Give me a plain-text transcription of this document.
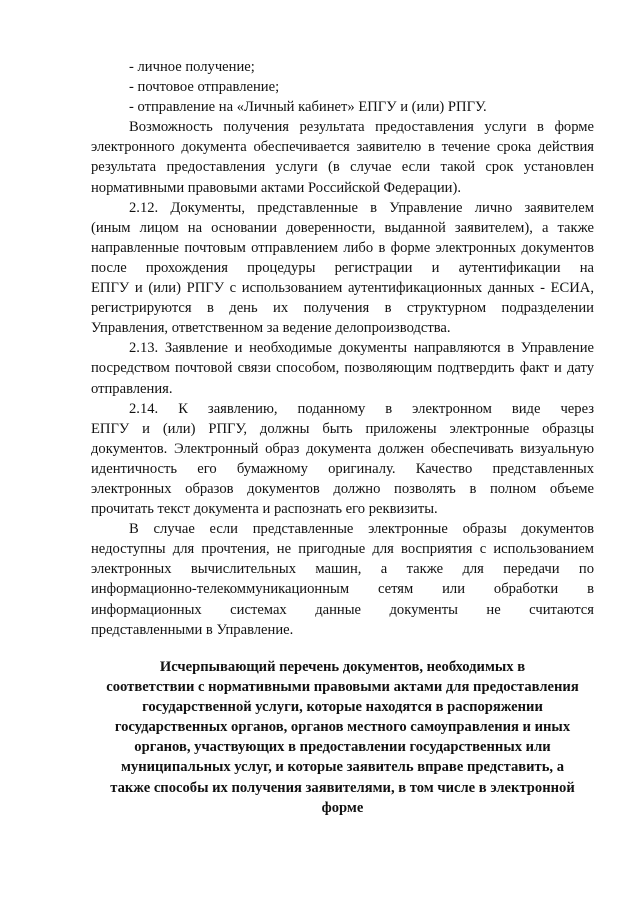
- личное получение;
- почтовое отправление;
- отправление на «Личный кабинет» ЕПГУ и (или) РПГУ.
Возможность получения результата предоставления услуги в форме
электронного документа обеспечивается заявителю в течение срока действия
результата предоставления услуги (в случае если такой срок установлен
нормативными правовыми актами Российской Федерации).
2.12. Документы, представленные в Управление лично заявителем
(иным лицом на основании доверенности, выданной заявителем), а также
направленные почтовым отправлением либо в форме электронных документов
после прохождения процедуры регистрации и аутентификации на
ЕПГУ и (или) РПГУ с использованием аутентификационных данных - ЕСИА,
регистрируются в день их получения в структурном подразделении
Управления, ответственном за ведение делопроизводства.
2.13. Заявление и необходимые документы направляются в Управление
посредством почтовой связи способом, позволяющим подтвердить факт и дату
отправления.
2.14. К заявлению, поданному в электронном виде через
ЕПГУ и (или) РПГУ, должны быть приложены электронные образцы
документов. Электронный образ документа должен обеспечивать визуальную
идентичность его бумажному оригиналу. Качество представленных
электронных образов документов должно позволять в полном объеме
прочитать текст документа и распознать его реквизиты.
В случае если представленные электронные образы документов
недоступны для прочтения, не пригодные для восприятия с использованием
электронных вычислительных машин, а также для передачи по
информационно-телекоммуникационным сетям или обработки в
информационных системах данные документы не считаются
представленными в Управление.
Исчерпывающий перечень документов, необходимых в
соответствии с нормативными правовыми актами для предоставления
государственной услуги, которые находятся в распоряжении
государственных органов, органов местного самоуправления и иных
органов, участвующих в предоставлении государственных или
муниципальных услуг, и которые заявитель вправе представить, а
также способы их получения заявителями, в том числе в электронной
форме
